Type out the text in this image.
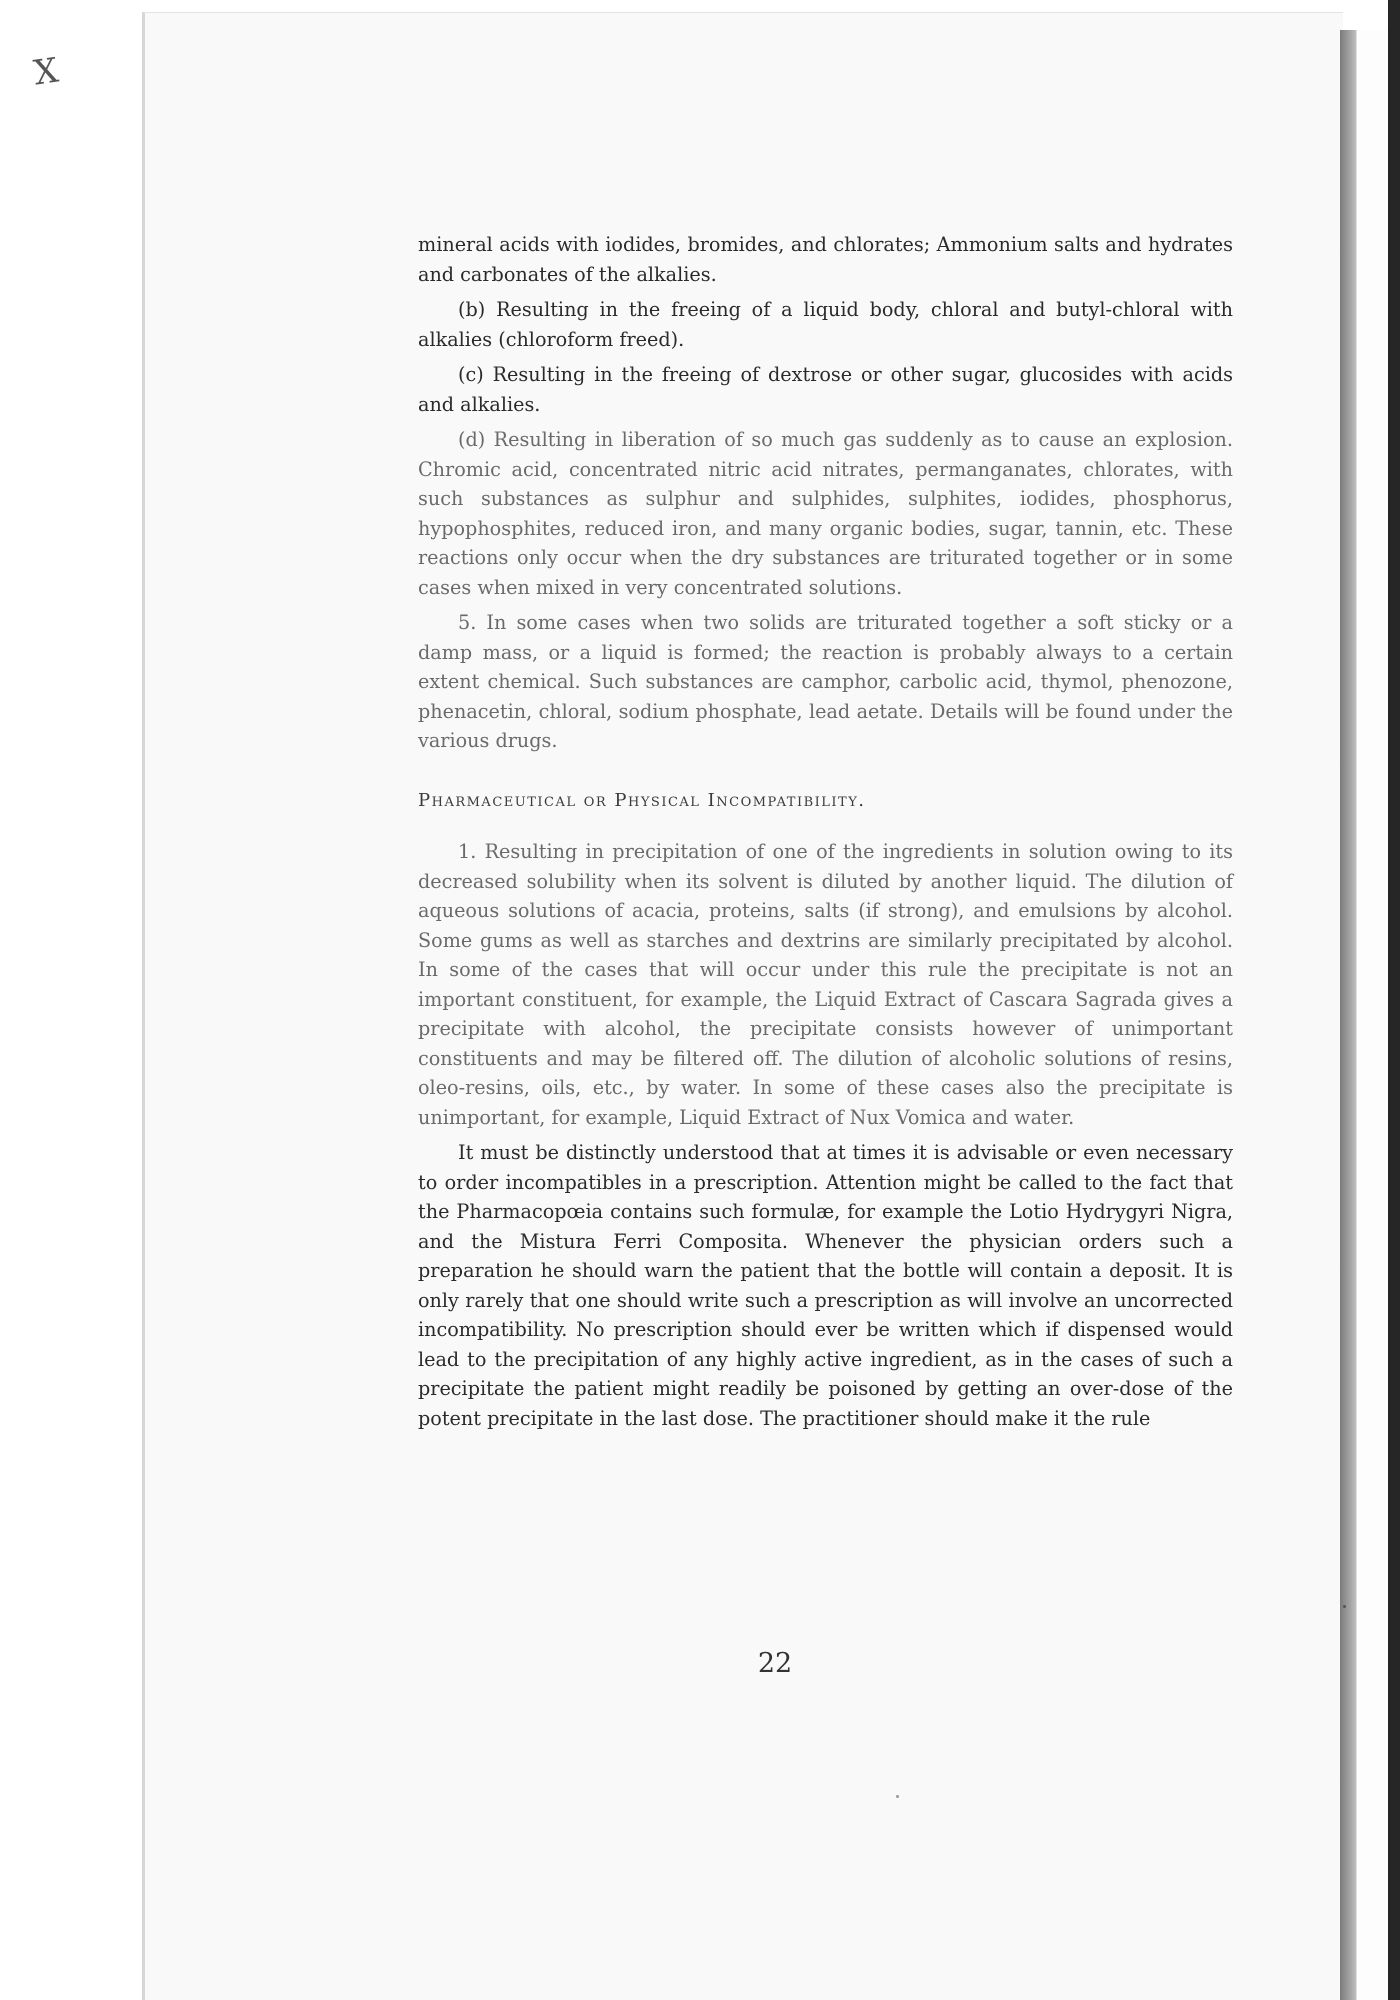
X

mineral acids with iodides, bromides, and chlorates; Ammonium salts and hydrates and carbonates of the alkalies.

(b) Resulting in the freeing of a liquid body, chloral and butyl-chloral with alkalies (chloroform freed).

(c) Resulting in the freeing of dextrose or other sugar, glucosides with acids and alkalies.

(d) Resulting in liberation of so much gas suddenly as to cause an explosion. Chromic acid, concentrated nitric acid nitrates, permanganates, chlorates, with such substances as sulphur and sulphides, sulphites, iodides, phosphorus, hypophosphites, reduced iron, and many organic bodies, sugar, tannin, etc. These reactions only occur when the dry substances are triturated together or in some cases when mixed in very concentrated solutions.

5. In some cases when two solids are triturated together a soft sticky or a damp mass, or a liquid is formed; the reaction is probably always to a certain extent chemical. Such substances are camphor, carbolic acid, thymol, phenozone, phenacetin, chloral, sodium phosphate, lead aetate. Details will be found under the various drugs.

Pharmaceutical or Physical Incompatibility.

1. Resulting in precipitation of one of the ingredients in solution owing to its decreased solubility when its solvent is diluted by another liquid. The dilution of aqueous solutions of acacia, proteins, salts (if strong), and emulsions by alcohol. Some gums as well as starches and dextrins are similarly precipitated by alcohol. In some of the cases that will occur under this rule the precipitate is not an important constituent, for example, the Liquid Extract of Cascara Sagrada gives a precipitate with alcohol, the precipitate consists however of unimportant constituents and may be filtered off. The dilution of alcoholic solutions of resins, oleo-resins, oils, etc., by water. In some of these cases also the precipitate is unimportant, for example, Liquid Extract of Nux Vomica and water.

It must be distinctly understood that at times it is advisable or even necessary to order incompatibles in a prescription. Attention might be called to the fact that the Pharmacopœia contains such formulæ, for example the Lotio Hydrygyri Nigra, and the Mistura Ferri Composita. Whenever the physician orders such a preparation he should warn the patient that the bottle will contain a deposit. It is only rarely that one should write such a prescription as will involve an uncorrected incompatibility. No prescription should ever be written which if dispensed would lead to the precipitation of any highly active ingredient, as in the cases of such a precipitate the patient might readily be poisoned by getting an over-dose of the potent precipitate in the last dose. The practitioner should make it the rule

22
